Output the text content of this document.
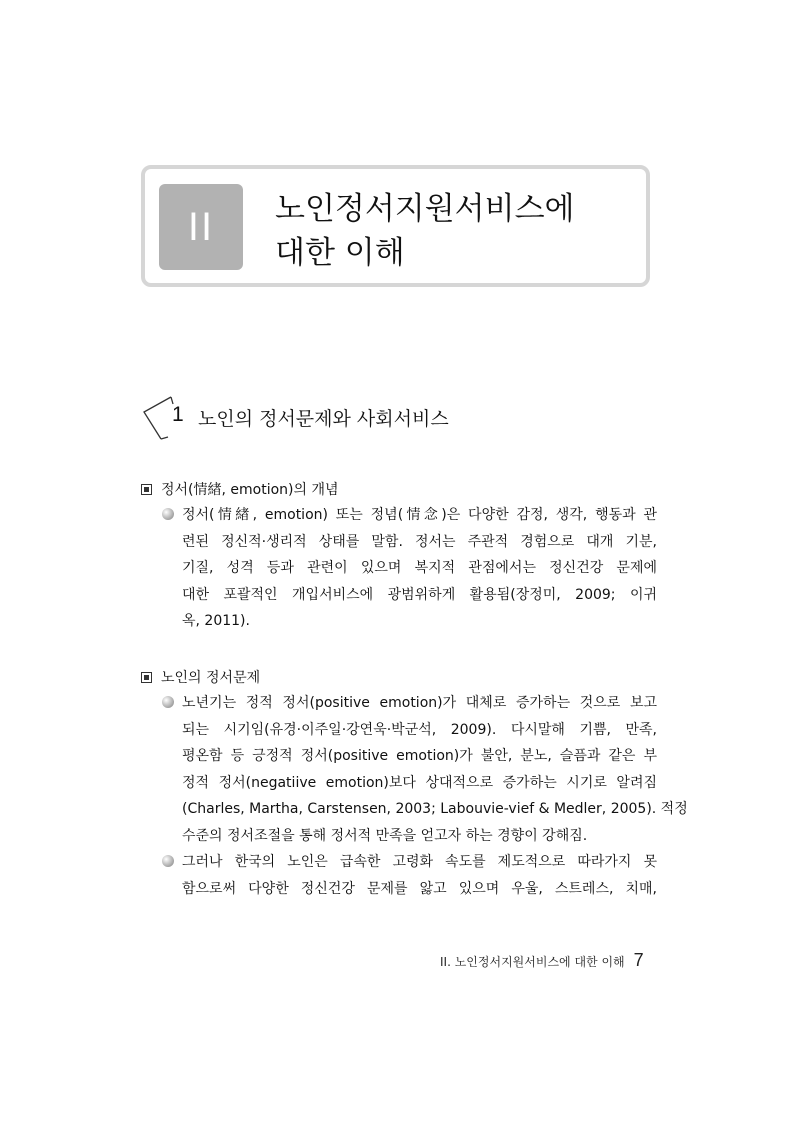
II	노인정서지원서비스에
대한 이해
1 노인의 정서문제와 사회서비스
정서(情緖, emotion)의 개념
정서(情緖, emotion) 또는 정념(情念)은 다양한 감정, 생각, 행동과 관
련된 정신적·생리적 상태를 말함. 정서는 주관적 경험으로 대개 기분,
기질, 성격 등과 관련이 있으며 복지적 관점에서는 정신건강 문제에
대한 포괄적인 개입서비스에 광범위하게 활용됨(장정미, 2009; 이귀
옥, 2011).
노인의 정서문제
노년기는 정적 정서(positive emotion)가 대체로 증가하는 것으로 보고
되는 시기임(유경·이주일·강연욱·박군석, 2009). 다시말해 기쁨, 만족,
평온함 등 긍정적 정서(positive emotion)가 불안, 분노, 슬픔과 같은 부
정적 정서(negatiive emotion)보다 상대적으로 증가하는 시기로 알려짐
(Charles, Martha, Carstensen, 2003; Labouvie-vief & Medler, 2005). 적정
수준의 정서조절을 통해 정서적 만족을 얻고자 하는 경향이 강해짐.
그러나 한국의 노인은 급속한 고령화 속도를 제도적으로 따라가지 못
함으로써 다양한 정신건강 문제를 앓고 있으며 우울, 스트레스, 치매,
II. 노인정서지원서비스에 대한 이해 7
